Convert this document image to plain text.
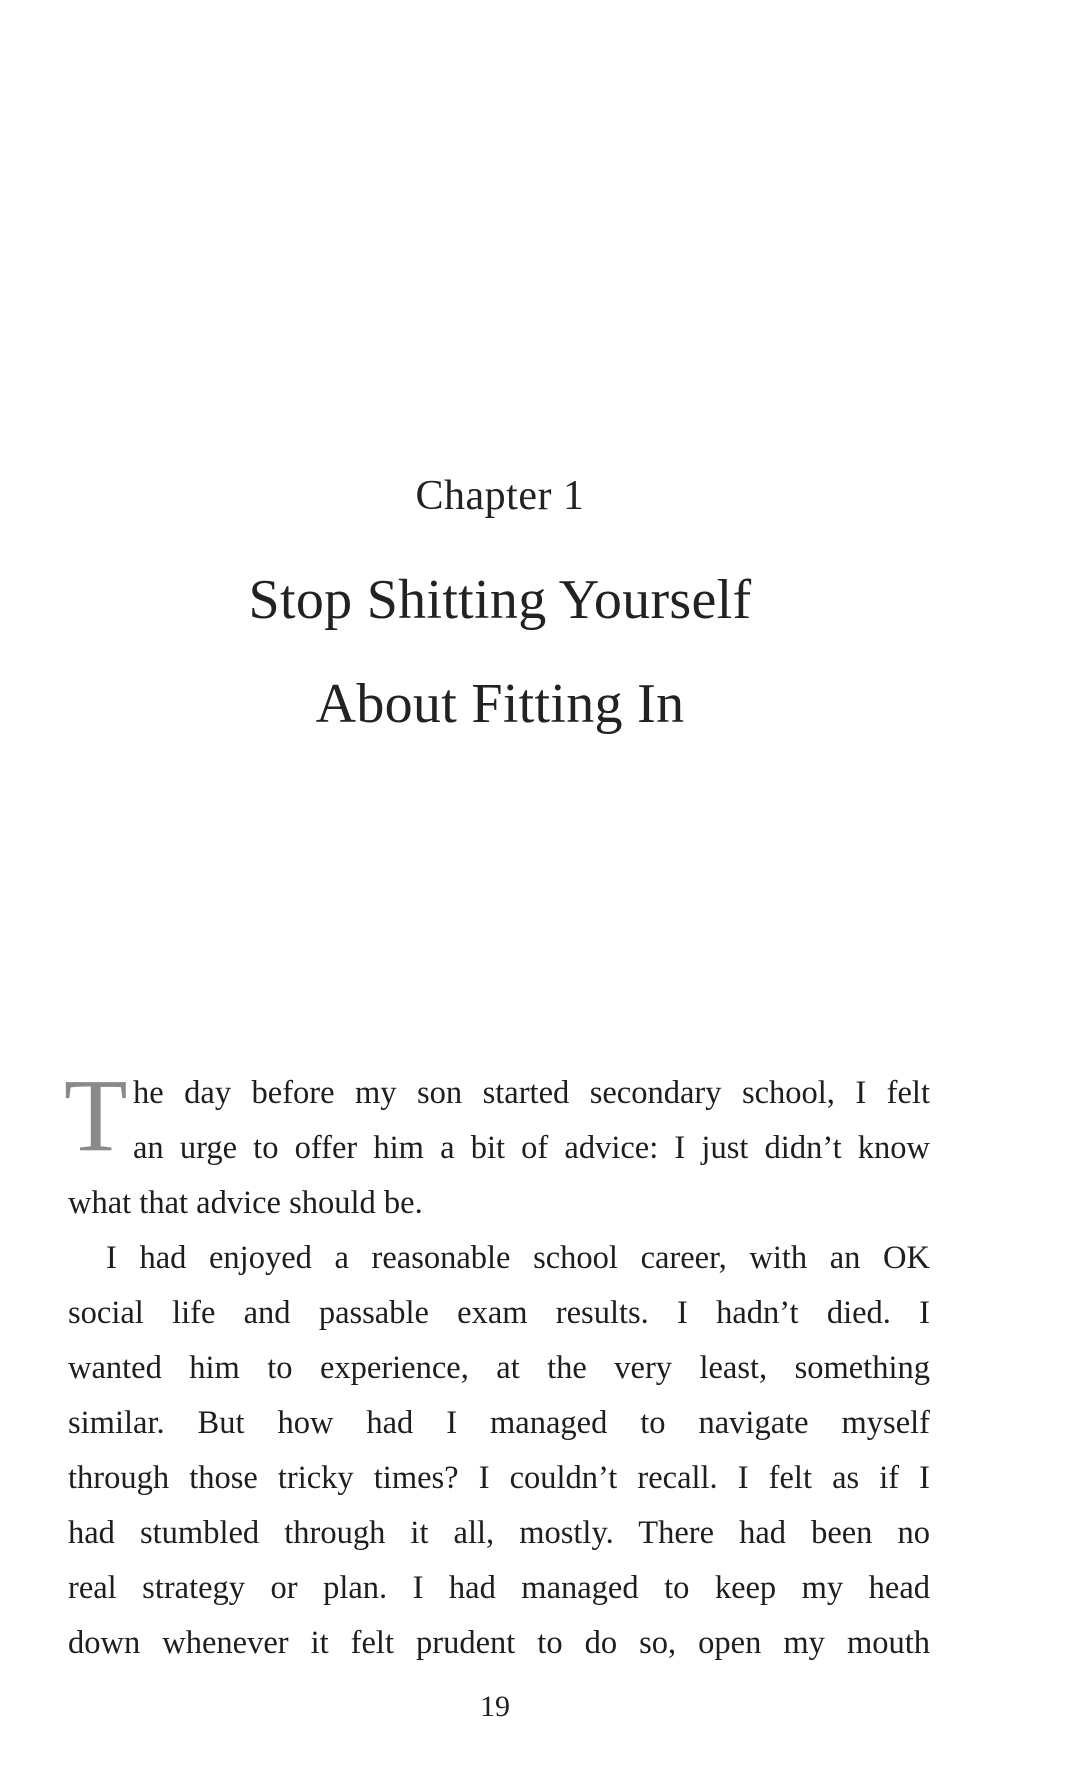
Chapter 1
Stop Shitting Yourself
About Fitting In
T he day before my son started secondary school, I felt
an urge to offer him a bit of advice: I just didn’t know
what that advice should be.
I had enjoyed a reasonable school career, with an OK
social life and passable exam results. I hadn’t died. I
wanted him to experience, at the very least, something
similar. But how had I managed to navigate myself
through those tricky times? I couldn’t recall. I felt as if I
had stumbled through it all, mostly. There had been no
real strategy or plan. I had managed to keep my head
down whenever it felt prudent to do so, open my mouth
19
